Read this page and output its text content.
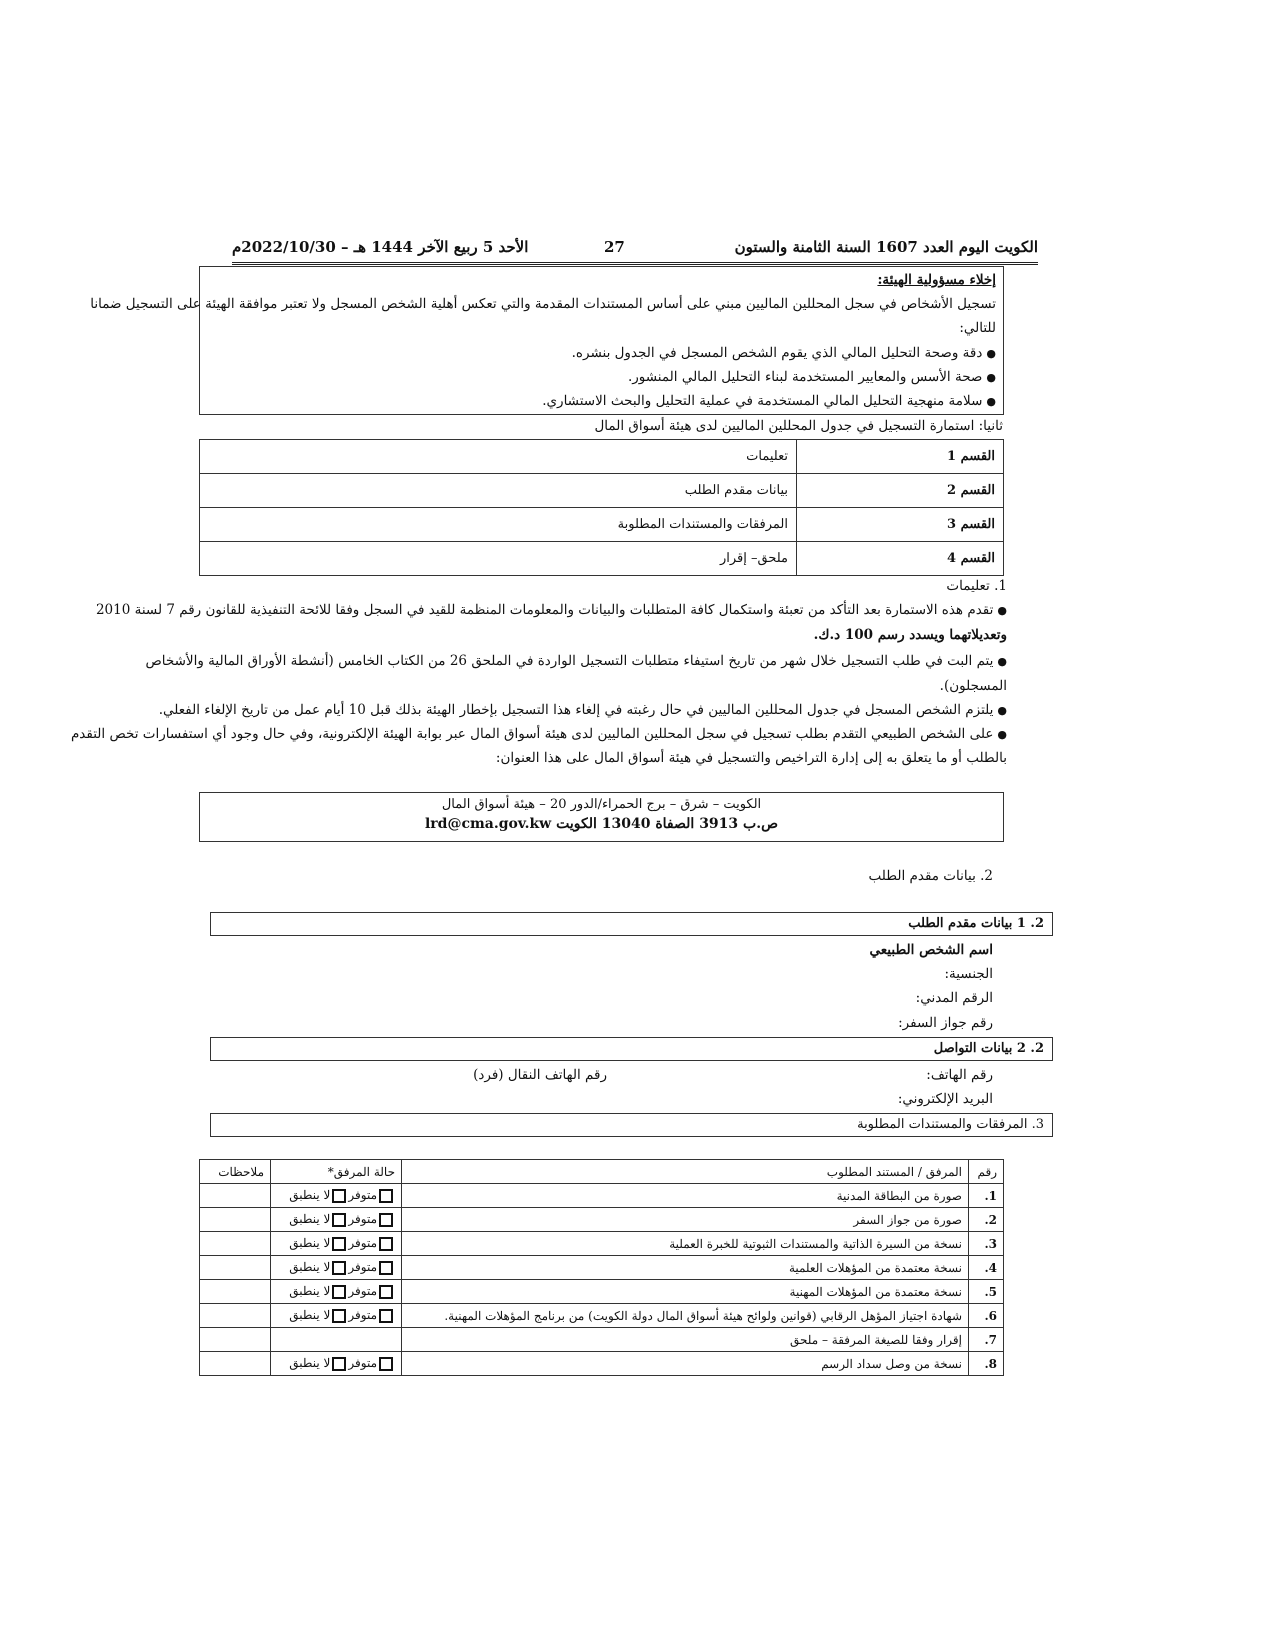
الكويت اليوم العدد 1607 السنة الثامنة والستون
27
الأحد 5 ربيع الآخر 1444 هـ – 2022/10/30م
إخلاء مسؤولية الهيئة:
تسجيل الأشخاص في سجل المحللين الماليين مبني على أساس المستندات المقدمة والتي تعكس أهلية الشخص المسجل ولا تعتبر موافقة الهيئة على التسجيل ضمانا
للتالي:
●دقة وصحة التحليل المالي الذي يقوم الشخص المسجل في الجدول بنشره.
●صحة الأسس والمعايير المستخدمة لبناء التحليل المالي المنشور.
●سلامة منهجية التحليل المالي المستخدمة في عملية التحليل والبحث الاستشاري.
ثانيا: استمارة التسجيل في جدول المحللين الماليين لدى هيئة أسواق المال
القسم 1	تعليمات
القسم 2	بيانات مقدم الطلب
القسم 3	المرفقات والمستندات المطلوبة
القسم 4	ملحق– إقرار
1. تعليمات
●تقدم هذه الاستمارة بعد التأكد من تعبئة واستكمال كافة المتطلبات والبيانات والمعلومات المنظمة للقيد في السجل وفقا للائحة التنفيذية للقانون رقم 7 لسنة 2010
وتعديلاتهما ويسدد رسم 100 د.ك.
●يتم البت في طلب التسجيل خلال شهر من تاريخ استيفاء متطلبات التسجيل الواردة في الملحق 26 من الكتاب الخامس (أنشطة الأوراق المالية والأشخاص
المسجلون).
●يلتزم الشخص المسجل في جدول المحللين الماليين في حال رغبته في إلغاء هذا التسجيل بإخطار الهيئة بذلك قبل 10 أيام عمل من تاريخ الإلغاء الفعلي.
●على الشخص الطبيعي التقدم بطلب تسجيل في سجل المحللين الماليين لدى هيئة أسواق المال عبر بوابة الهيئة الإلكترونية، وفي حال وجود أي استفسارات تخص التقدم
بالطلب أو ما يتعلق به إلى إدارة التراخيص والتسجيل في هيئة أسواق المال على هذا العنوان:
الكويت – شرق – برج الحمراء/الدور 20 – هيئة أسواق المال
ص.ب 3913 الصفاة 13040 الكويت lrd@cma.gov.kw
2. بيانات مقدم الطلب
2. 1 بيانات مقدم الطلب
اسم الشخص الطبيعي
الجنسية:
الرقم المدني:
رقم جواز السفر:
2. 2 بيانات التواصل
رقم الهاتف:
رقم الهاتف النقال (فرد)
البريد الإلكتروني:
3. المرفقات والمستندات المطلوبة
رقم	المرفق / المستند المطلوب	حالة المرفق*	ملاحظات
1.	صورة من البطاقة المدنية	متوفرلا ينطبق	
2.	صورة من جواز السفر	متوفرلا ينطبق	
3.	نسخة من السيرة الذاتية والمستندات الثبوتية للخبرة العملية	متوفرلا ينطبق	
4.	نسخة معتمدة من المؤهلات العلمية	متوفرلا ينطبق	
5.	نسخة معتمدة من المؤهلات المهنية	متوفرلا ينطبق	
6.	شهادة اجتياز المؤهل الرقابي (قوانين ولوائح هيئة أسواق المال دولة الكويت) من برنامج المؤهلات المهنية.	متوفرلا ينطبق	
7.	إقرار وفقا للصيغة المرفقة – ملحق		
8.	نسخة من وصل سداد الرسم	متوفرلا ينطبق	
